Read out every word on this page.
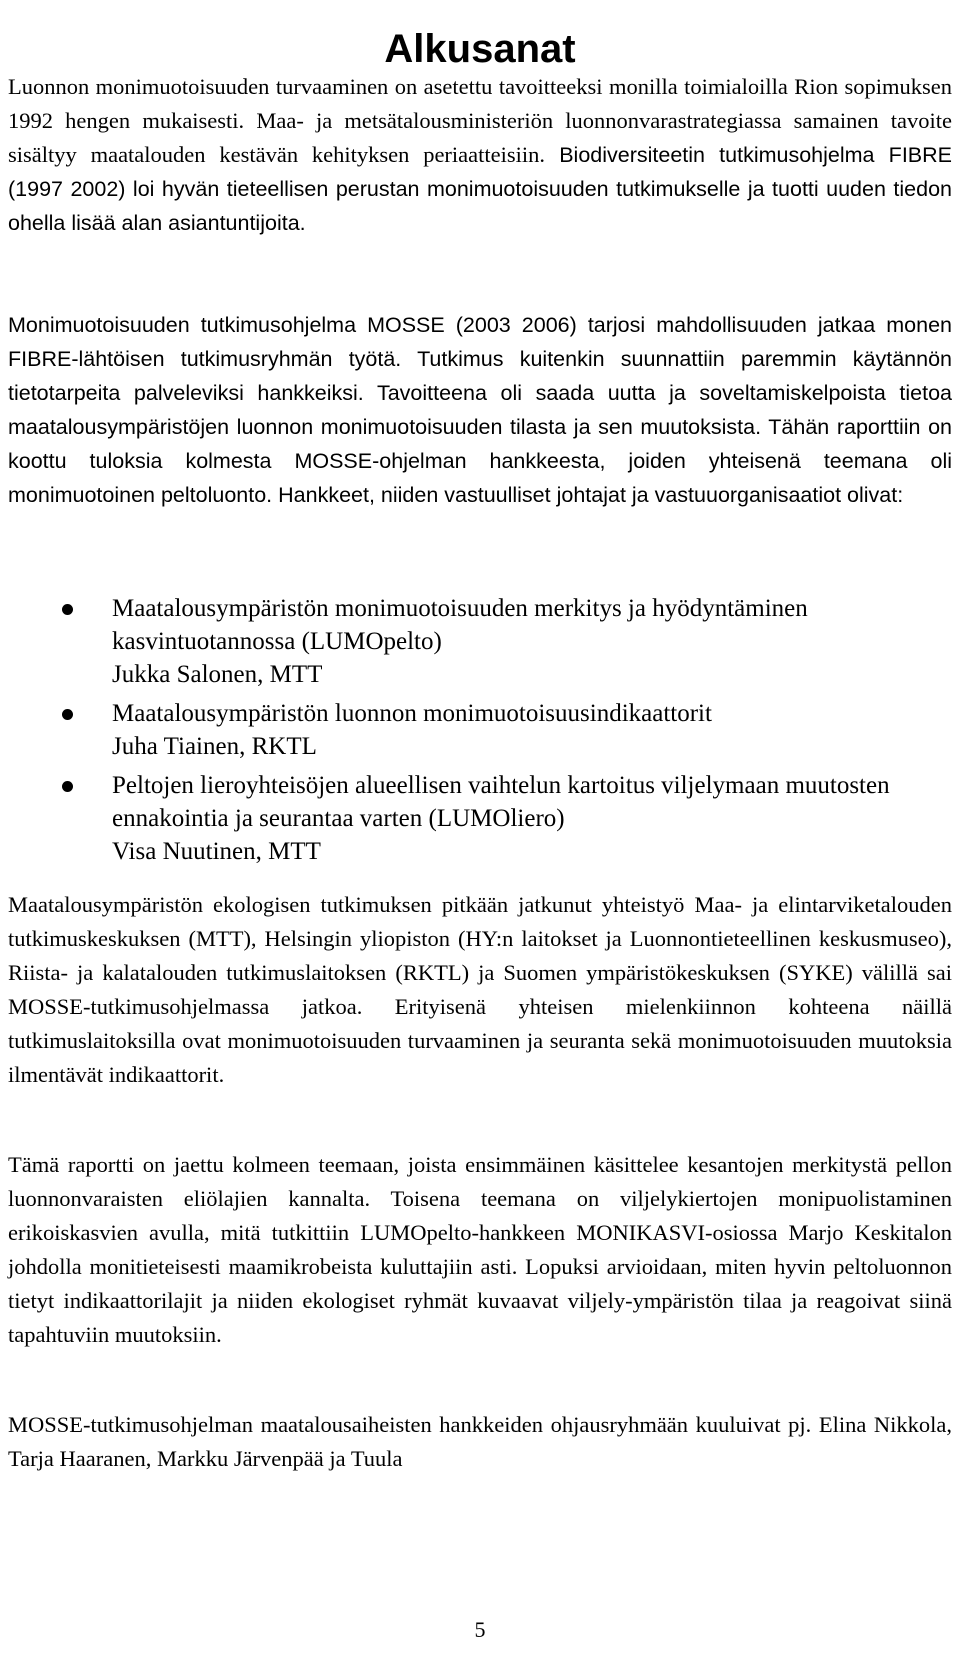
Alkusanat

Luonnon monimuotoisuuden turvaaminen on asetettu tavoitteeksi monilla toimialoilla Rion sopimuksen 1992 hengen mukaisesti. Maa- ja metsätalousministeriön luonnonvarastrategiassa samainen tavoite sisältyy maatalouden kestävän kehityksen periaatteisiin. Biodiversiteetin tutkimusohjelma FIBRE (1997 2002) loi hyvän tieteellisen perustan monimuotoisuuden tutkimukselle ja tuotti uuden tiedon ohella lisää alan asiantuntijoita.

Monimuotoisuuden tutkimusohjelma MOSSE (2003 2006) tarjosi mahdollisuuden jatkaa monen FIBRE-lähtöisen tutkimusryhmän työtä. Tutkimus kuitenkin suunnattiin paremmin käytännön tietotarpeita palveleviksi hankkeiksi. Tavoitteena oli saada uutta ja soveltamiskelpoista tietoa maatalousympäristöjen luonnon monimuotoisuuden tilasta ja sen muutoksista. Tähän raporttiin on koottu tuloksia kolmesta MOSSE-ohjelman hankkeesta, joiden yhteisenä teemana oli monimuotoinen peltoluonto. Hankkeet, niiden vastuulliset johtajat ja vastuuorganisaatiot olivat:

Maatalousympäristön monimuotoisuuden merkitys ja hyödyntäminen kasvintuotannossa (LUMOpelto)
Jukka Salonen, MTT
Maatalousympäristön luonnon monimuotoisuusindikaattorit
Juha Tiainen, RKTL
Peltojen lieroyhteisöjen alueellisen vaihtelun kartoitus viljelymaan muutosten ennakointia ja seurantaa varten (LUMOliero)
Visa Nuutinen, MTT

Maatalousympäristön ekologisen tutkimuksen pitkään jatkunut yhteistyö Maa- ja elintarviketalouden tutkimuskeskuksen (MTT), Helsingin yliopiston (HY:n laitokset ja Luonnontieteellinen keskusmuseo), Riista- ja kalatalouden tutkimuslaitoksen (RKTL) ja Suomen ympäristökeskuksen (SYKE) välillä sai MOSSE-tutkimusohjelmassa jatkoa. Erityisenä yhteisen mielenkiinnon kohteena näillä tutkimuslaitoksilla ovat monimuotoisuuden turvaaminen ja seuranta sekä monimuotoisuuden muutoksia ilmentävät indikaattorit.

Tämä raportti on jaettu kolmeen teemaan, joista ensimmäinen käsittelee kesantojen merkitystä pellon luonnonvaraisten eliölajien kannalta. Toisena teemana on viljelykiertojen monipuolistaminen erikoiskasvien avulla, mitä tutkittiin LUMOpelto-hankkeen MONIKASVI-osiossa Marjo Keskitalon johdolla monitieteisesti maamikrobeista kuluttajiin asti. Lopuksi arvioidaan, miten hyvin peltoluonnon tietyt indikaattorilajit ja niiden ekologiset ryhmät kuvaavat viljely-ympäristön tilaa ja reagoivat siinä tapahtuviin muutoksiin.

MOSSE-tutkimusohjelman maatalousaiheisten hankkeiden ohjausryhmään kuuluivat pj. Elina Nikkola, Tarja Haaranen, Markku Järvenpää ja Tuula

5
